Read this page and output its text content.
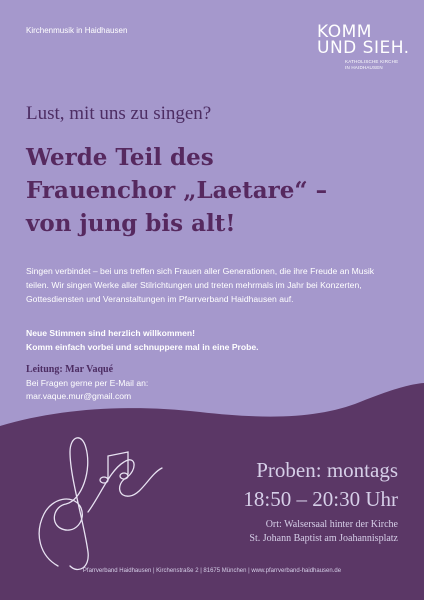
Kirchenmusik in Haidhausen	KOMM
UND SIEH.
KATHOLISCHE KIRCHE
IN HAIDHAUSEN
Lust, mit uns zu singen?
Werde Teil des
Frauenchor „Laetare“ –
von jung bis alt!
Singen verbindet – bei uns treffen sich Frauen aller Generationen, die ihre Freude an Musik teilen. Wir singen Werke aller Stilrichtungen und treten mehrmals im Jahr bei Konzerten, Gottesdiensten und Veranstaltungen im Pfarrverband Haidhausen auf.
Neue Stimmen sind herzlich willkommen!
Komm einfach vorbei und schnuppere mal in eine Probe.
Leitung: Mar Vaqué
Bei Fragen gerne per E-Mail an:
mar.vaque.mur@gmail.com
Proben: montags
18:50 – 20:30 Uhr
Ort: Walsersaal hinter der Kirche
St. Johann Baptist am Joahannisplatz
Pfarrverband Haidhausen | Kirchenstraße 2 | 81675 München | www.pfarrverband-haidhausen.de
